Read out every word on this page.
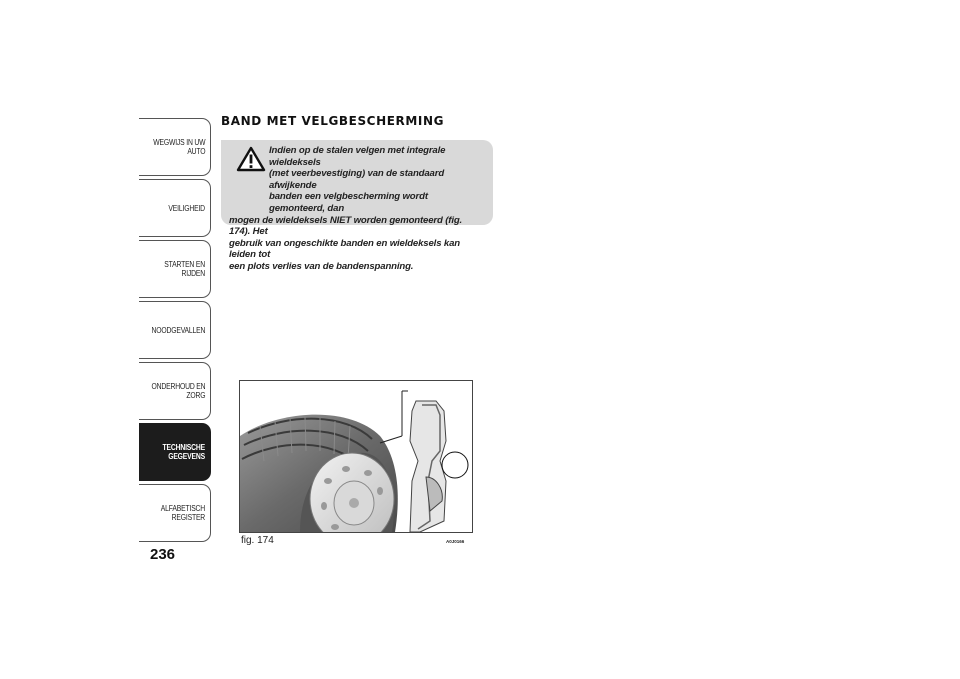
WEGWIJS IN UW
AUTO
VEILIGHEID
STARTEN EN RIJDEN
NOODGEVALLEN
ONDERHOUD EN
ZORG
TECHNISCHE
GEGEVENS
ALFABETISCH
REGISTER
236
BAND MET VELGBESCHERMING
Indien op de stalen velgen met integrale wieldeksels
(met veerbevestiging) van de standaard afwijkende
banden een velgbescherming wordt gemonteerd, dan
mogen de wieldeksels NIET worden gemonteerd (fig. 174). Het
gebruik van ongeschikte banden en wieldeksels kan leiden tot
een plots verlies van de bandenspanning.
fig. 174	A0J0166
